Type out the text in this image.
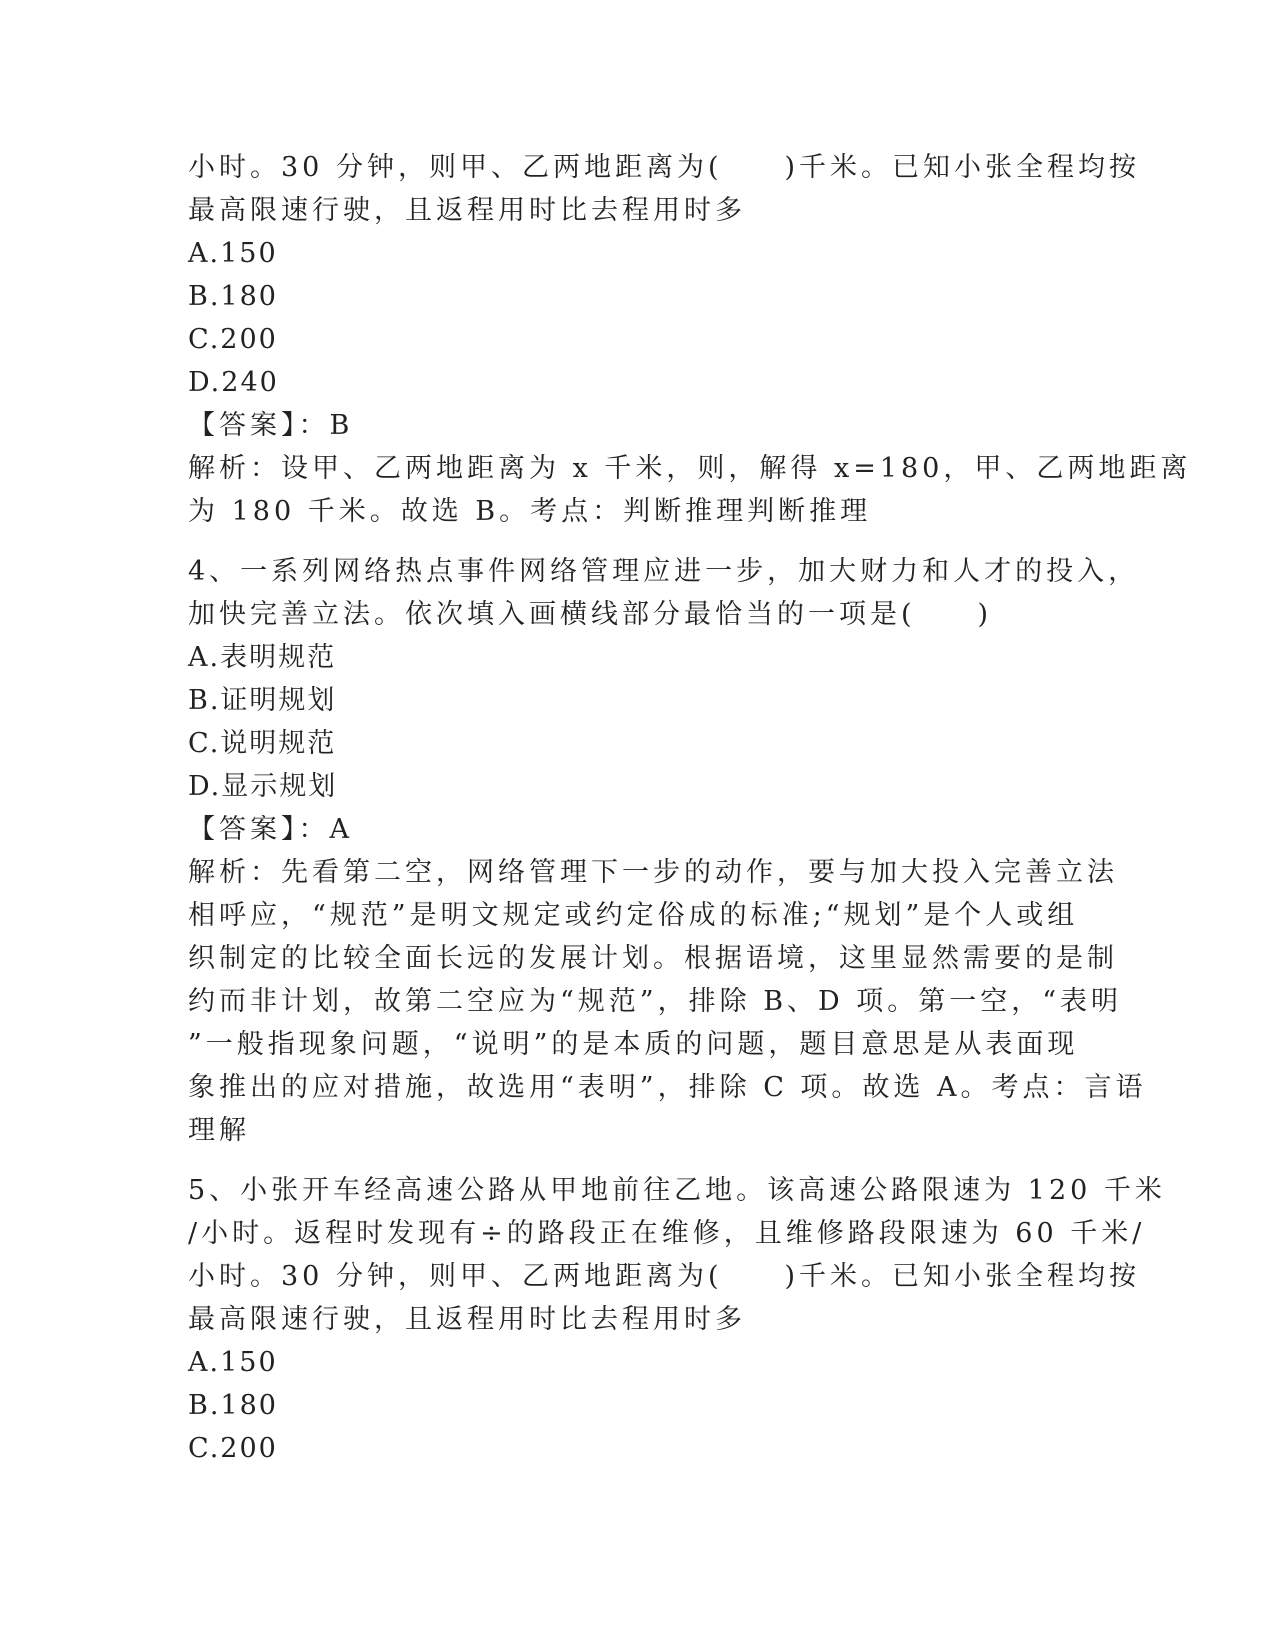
小时。30 分钟，则甲、乙两地距离为(　　)千米。已知小张全程均按

最高限速行驶，且返程用时比去程用时多

A.150

B.180

C.200

D.240

【答案】：B

解析：设甲、乙两地距离为 x 千米，则，解得 x=180，甲、乙两地距离

为 180 千米。故选 B。考点：判断推理判断推理

4、一系列网络热点事件网络管理应进一步，加大财力和人才的投入，

加快完善立法。依次填入画横线部分最恰当的一项是(　　)

A.表明规范

B.证明规划

C.说明规范

D.显示规划

【答案】：A

解析：先看第二空，网络管理下一步的动作，要与加大投入完善立法

相呼应，“规范”是明文规定或约定俗成的标准;“规划”是个人或组

织制定的比较全面长远的发展计划。根据语境，这里显然需要的是制

约而非计划，故第二空应为“规范”，排除 B、D 项。第一空，“表明

”一般指现象问题，“说明”的是本质的问题，题目意思是从表面现

象推出的应对措施，故选用“表明”，排除 C 项。故选 A。考点：言语

理解

5、小张开车经高速公路从甲地前往乙地。该高速公路限速为 120 千米

/小时。返程时发现有÷的路段正在维修，且维修路段限速为 60 千米/

小时。30 分钟，则甲、乙两地距离为(　　)千米。已知小张全程均按

最高限速行驶，且返程用时比去程用时多

A.150

B.180

C.200
